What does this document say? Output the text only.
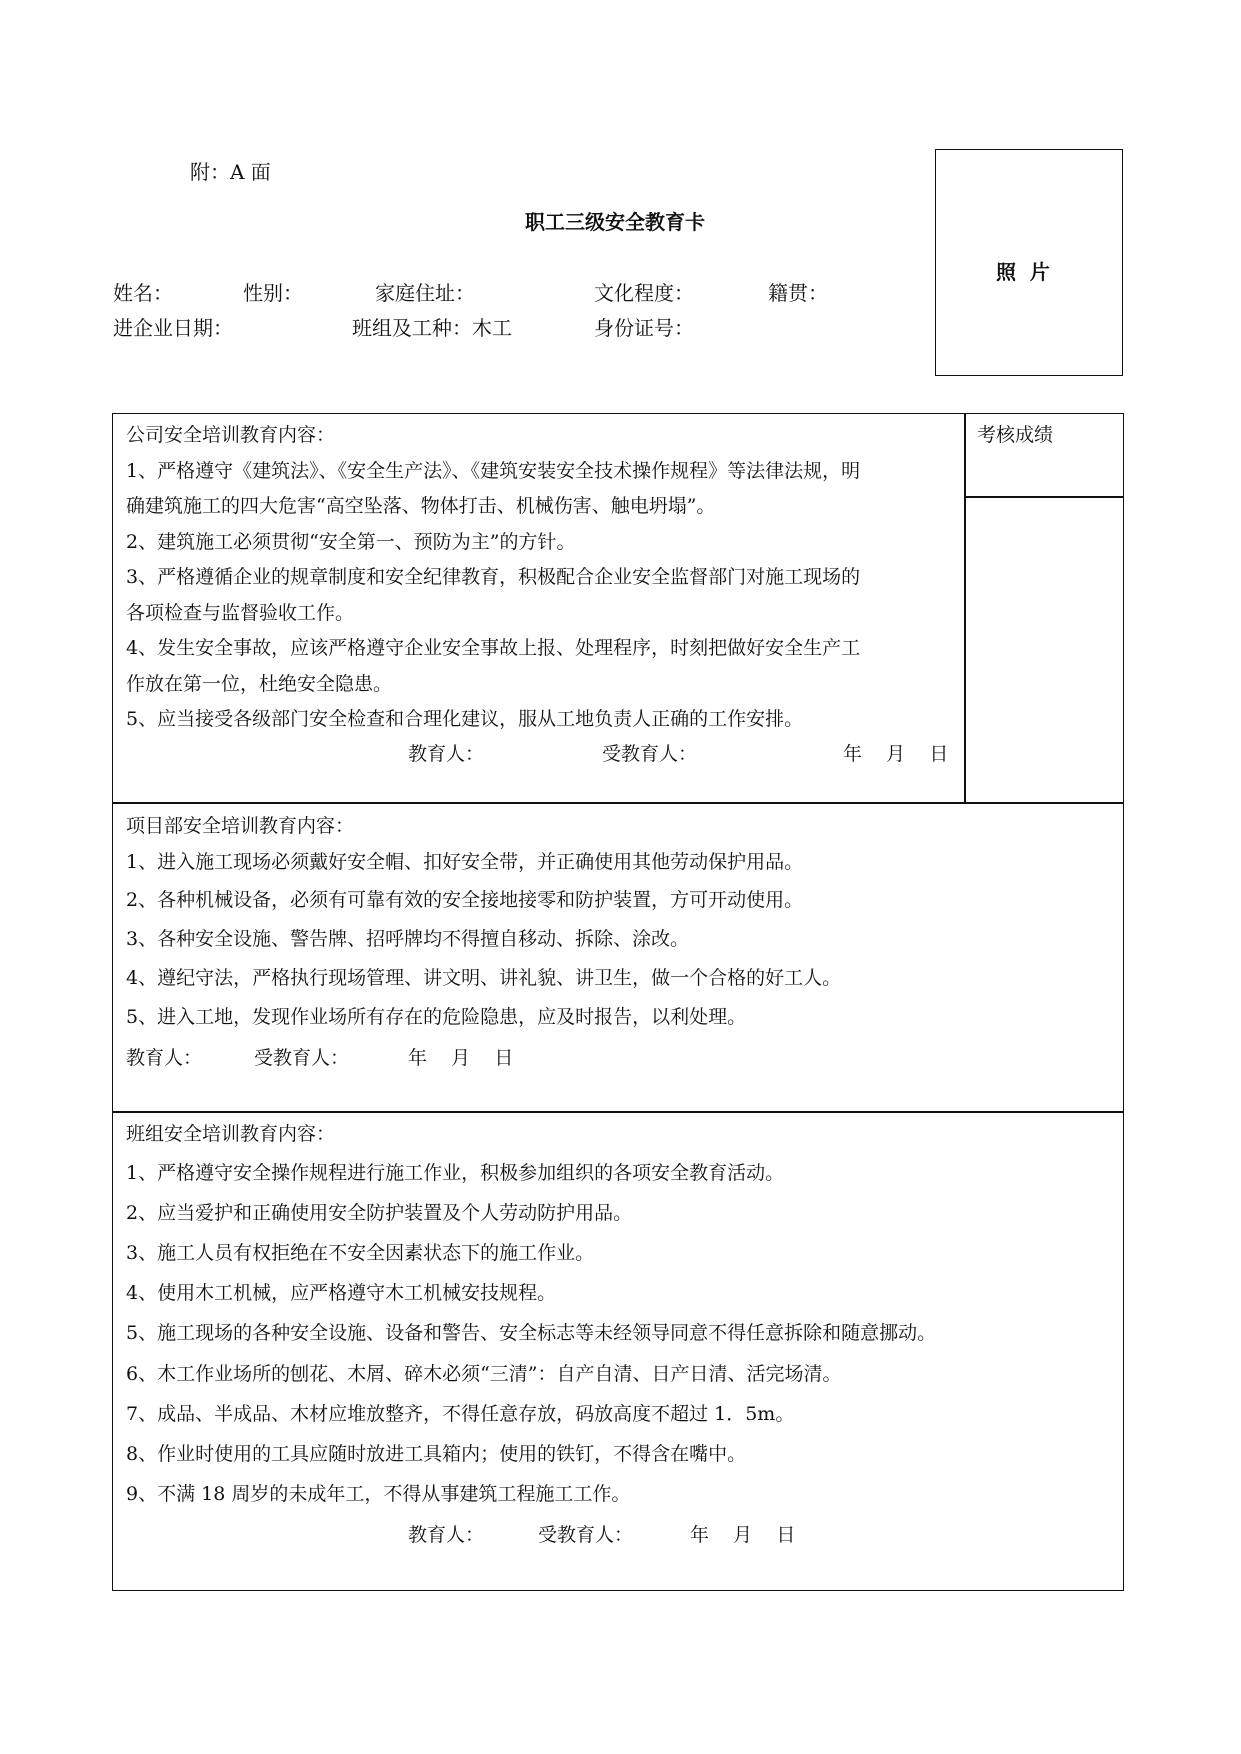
附：A 面
职工三级安全教育卡
照  片
姓名：	性别：	家庭住址：	文化程度：	籍贯：
进企业日期：	班组及工种：木工	身份证号：
公司安全培训教育内容：	考核成绩
1、严格遵守《建筑法》、《安全生产法》、《建筑安装安全技术操作规程》等法律法规，明
确建筑施工的四大危害“高空坠落、物体打击、机械伤害、触电坍塌”。
2、建筑施工必须贯彻“安全第一、预防为主”的方针。
3、严格遵循企业的规章制度和安全纪律教育，积极配合企业安全监督部门对施工现场的
各项检查与监督验收工作。
4、发生安全事故，应该严格遵守企业安全事故上报、处理程序，时刻把做好安全生产工
作放在第一位，杜绝安全隐患。
5、应当接受各级部门安全检查和合理化建议，服从工地负责人正确的工作安排。
教育人：	受教育人：	年    月    日
项目部安全培训教育内容：
1、进入施工现场必须戴好安全帽、扣好安全带，并正确使用其他劳动保护用品。
2、各种机械设备，必须有可靠有效的安全接地接零和防护装置，方可开动使用。
3、各种安全设施、警告牌、招呼牌均不得擅自移动、拆除、涂改。
4、遵纪守法，严格执行现场管理、讲文明、讲礼貌、讲卫生，做一个合格的好工人。
5、进入工地，发现作业场所有存在的危险隐患，应及时报告，以利处理。
教育人：	受教育人：	年    月    日
班组安全培训教育内容：
1、严格遵守安全操作规程进行施工作业，积极参加组织的各项安全教育活动。
2、应当爱护和正确使用安全防护装置及个人劳动防护用品。
3、施工人员有权拒绝在不安全因素状态下的施工作业。
4、使用木工机械，应严格遵守木工机械安技规程。
5、施工现场的各种安全设施、设备和警告、安全标志等未经领导同意不得任意拆除和随意挪动。
6、木工作业场所的刨花、木屑、碎木必须“三清”：自产自清、日产日清、活完场清。
7、成品、半成品、木材应堆放整齐，不得任意存放，码放高度不超过 1．5m。
8、作业时使用的工具应随时放进工具箱内；使用的铁钉，不得含在嘴中。
9、不满 18 周岁的未成年工，不得从事建筑工程施工工作。
教育人：	受教育人：	年    月    日
